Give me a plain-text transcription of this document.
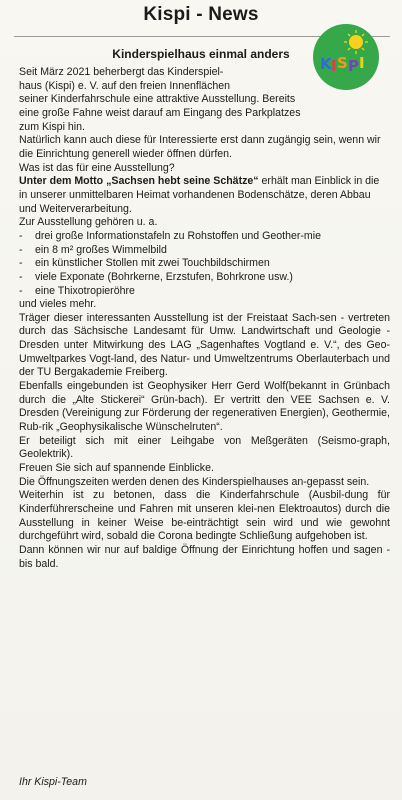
Kispi - News
Kinderspielhaus einmal anders
K I S P I

Seit März 2021 beherbergt das Kinderspiel-
haus (Kispi) e. V. auf den freien Innenflächen
seiner Kinderfahrschule eine attraktive Ausstellung. Bereits
eine große Fahne weist darauf am Eingang des Parkplatzes
zum Kispi hin.

Natürlich kann auch diese für Interessierte erst dann zugängig sein, wenn wir die Einrichtung generell wieder öffnen dürfen.

Was ist das für eine Ausstellung?

Unter dem Motto „Sachsen hebt seine Schätze“ erhält man Einblick in die in unserer unmittelbaren Heimat vorhandenen Bodenschätze, deren Abbau und Weiterverarbeitung.

Zur Ausstellung gehören u. a.

- drei große Informationstafeln zu Rohstoffen und Geother-mie
- ein 8 m² großes Wimmelbild
- ein künstlicher Stollen mit zwei Touchbildschirmen
- viele Exponate (Bohrkerne, Erzstufen, Bohrkrone usw.)
- eine Thixotropieröhre

und vieles mehr.

Träger dieser interessanten Ausstellung ist der Freistaat Sach-sen - vertreten durch das Sächsische Landesamt für Umw. Landwirtschaft und Geologie - Dresden unter Mitwirkung des LAG „Sagenhaftes Vogtland e. V.“, des Geo-Umweltparkes Vogt-land, des Natur- und Umweltzentrums Oberlauterbach und der TU Bergakademie Freiberg.

Ebenfalls eingebunden ist Geophysiker Herr Gerd Wolf(bekannt in Grünbach durch die „Alte Stickerei“ Grün-bach). Er vertritt den VEE Sachsen e. V. Dresden (Vereinigung zur Förderung der regenerativen Energien), Geothermie, Rub-rik „Geophysikalische Wünschelruten“.

Er beteiligt sich mit einer Leihgabe von Meßgeräten (Seismo-graph, Geolektrik).

Freuen Sie sich auf spannende Einblicke.

Die Öffnungszeiten werden denen des Kinderspielhauses an-gepasst sein.

Weiterhin ist zu betonen, dass die Kinderfahrschule (Ausbil-dung für Kinderführerscheine und Fahren mit unseren klei-nen Elektroautos) durch die Ausstellung in keiner Weise be-einträchtigt sein wird und wie gewohnt durchgeführt wird, sobald die Corona bedingte Schließung aufgehoben ist.

Dann können wir nur auf baldige Öffnung der Einrichtung hoffen und sagen - bis bald.

Ihr Kispi-Team
